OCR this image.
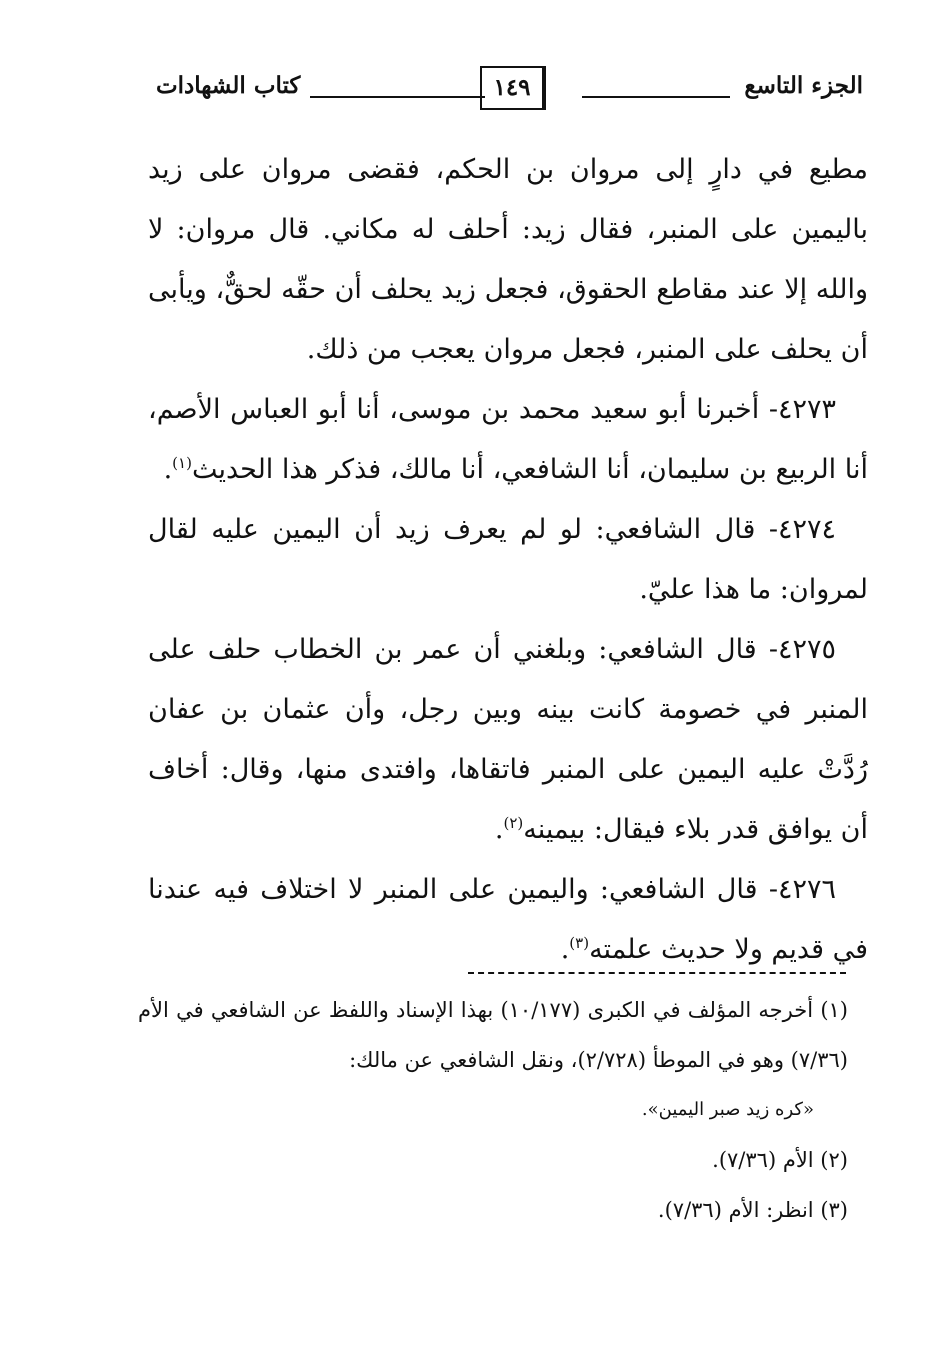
الجزء التاسع
١٤٩
كتاب الشهادات

مطيع في دارٍ إلى مروان بن الحكم، فقضى مروان على زيد باليمين على المنبر، فقال زيد: أحلف له مكاني. قال مروان: لا والله إلا عند مقاطع الحقوق، فجعل زيد يحلف أن حقّه لحقٌّ، ويأبى أن يحلف على المنبر، فجعل مروان يعجب من ذلك.

٤٢٧٣- أخبرنا أبو سعيد محمد بن موسى، أنا أبو العباس الأصم، أنا الربيع بن سليمان، أنا الشافعي، أنا مالك، فذكر هذا الحديث$^{(١)}$.

٤٢٧٤- قال الشافعي: لو لم يعرف زيد أن اليمين عليه لقال لمروان: ما هذا عليّ.

٤٢٧٥- قال الشافعي: وبلغني أن عمر بن الخطاب حلف على المنبر في خصومة كانت بينه وبين رجل، وأن عثمان بن عفان رُدَّتْ عليه اليمين على المنبر فاتقاها، وافتدى منها، وقال: أخاف أن يوافق قدر بلاء فيقال: بيمينه$^{(٢)}$.

٤٢٧٦- قال الشافعي: واليمين على المنبر لا اختلاف فيه عندنا في قديم ولا حديث علمته$^{(٣)}$.

(١) أخرجه المؤلف في الكبرى (١٠/١٧٧) بهذا الإسناد واللفظ عن الشافعي في الأم (٧/٣٦) وهو في الموطأ (٢/٧٢٨)، ونقل الشافعي عن مالك:

«كره زيد صبر اليمين».

(٢) الأم (٧/٣٦).

(٣) انظر: الأم (٧/٣٦).
